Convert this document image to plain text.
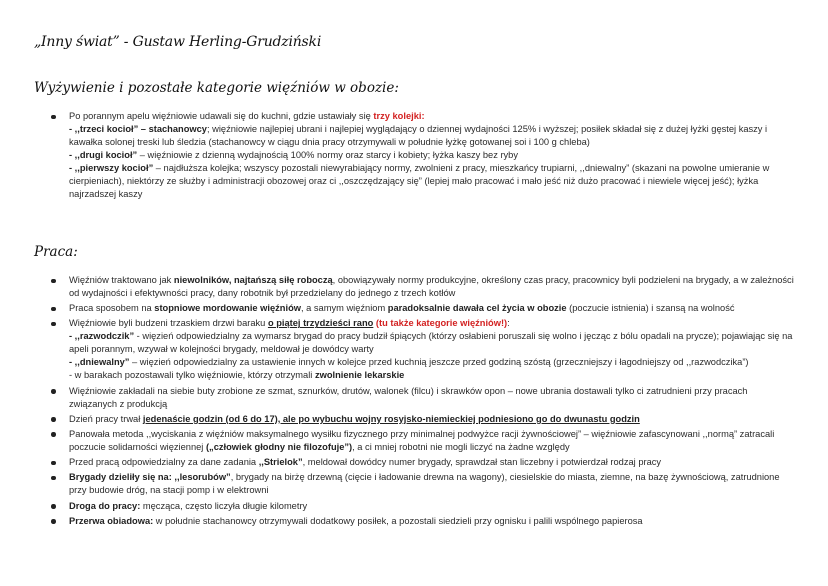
„Inny świat” - Gustaw Herling-Grudziński
Wyżywienie i pozostałe kategorie więźniów w obozie:
Po porannym apelu więźniowie udawali się do kuchni, gdzie ustawiały się trzy kolejki:
- ,,trzeci kocioł” – stachanowcy; więźniowie najlepiej ubrani i najlepiej wyglądający o dziennej wydajności 125% i wyższej; posiłek składał się z dużej łyżki gęstej kaszy i kawałka solonej treski lub śledzia (stachanowcy w ciągu dnia pracy otrzymywali w południe łyżkę gotowanej soi i 100 g chleba)
- ,,drugi kocioł” – więźniowie z dzienną wydajnością 100% normy oraz starcy i kobiety; łyżka kaszy bez ryby
- ,,pierwszy kocioł” – najdłuższa kolejka; wszyscy pozostali niewyrabiający normy, zwolnieni z pracy, mieszkańcy trupiarni, ,,dniewalny” (skazani na powolne umieranie w cierpieniach), niektórzy ze służby i administracji obozowej oraz ci ,,oszczędzający się” (lepiej mało pracować i mało jeść niż dużo pracować i niewiele więcej jeść); łyżka najrzadszej kaszy
Praca:
Więźniów traktowano jak niewolników, najtańszą siłę roboczą, obowiązywały normy produkcyjne, określony czas pracy, pracownicy byli podzieleni na brygady, a w zależności od wydajności i efektywności pracy, dany robotnik był przedzielany do jednego z trzech kotłów
Praca sposobem na stopniowe mordowanie więźniów, a samym więźniom paradoksalnie dawała cel życia w obozie (poczucie istnienia) i szansą na wolność
Więźniowie byli budzeni trzaskiem drzwi baraku o piątej trzydzieści rano (tu także kategorie więźniów!):
- ,,razwodczik” - więzień odpowiedzialny za wymarsz brygad do pracy budził śpiących (którzy osłabieni poruszali się wolno i jęcząc z bólu opadali na prycze); pojawiając się na apeli porannym, wzywał w kolejności brygady, meldował je dowódcy warty
- ,,dniewalny” – więzień odpowiedzialny za ustawienie innych w kolejce przed kuchnią jeszcze przed godziną szóstą (grzeczniejszy i łagodniejszy od ,,razwodczika”)
- w barakach pozostawali tylko więźniowie, którzy otrzymali zwolnienie lekarskie
Więźniowie zakładali na siebie buty zrobione ze szmat, sznurków, drutów, walonek (filcu) i skrawków opon – nowe ubrania dostawali tylko ci zatrudnieni przy pracach związanych z produkcją
Dzień pracy trwał jedenaście godzin (od 6 do 17), ale po wybuchu wojny rosyjsko-niemieckiej podniesiono go do dwunastu godzin
Panowała metoda ,,wyciskania z więźniów maksymalnego wysiłku fizycznego przy minimalnej podwyżce racji żywnościowej” – więźniowie zafascynowani ,,normą” zatracali poczucie solidarności więziennej („człowiek głodny nie filozofuje”), a ci mniej robotni nie mogli liczyć na żadne względy
Przed pracą odpowiedzialny za dane zadania ,,Strielok”, meldował dowódcy numer brygady, sprawdzał stan liczebny i potwierdzał rodzaj pracy
Brygady dzieliły się na: ,,lesorubów”, brygady na birżę drzewną (cięcie i ładowanie drewna na wagony), ciesielskie do miasta, ziemne, na bazę żywnościową, zatrudnione przy budowie dróg, na stacji pomp i w elektrowni
Droga do pracy: męcząca, często liczyła długie kilometry
Przerwa obiadowa: w południe stachanowcy otrzymywali dodatkowy posiłek, a pozostali siedzieli przy ognisku i palili wspólnego papierosa
